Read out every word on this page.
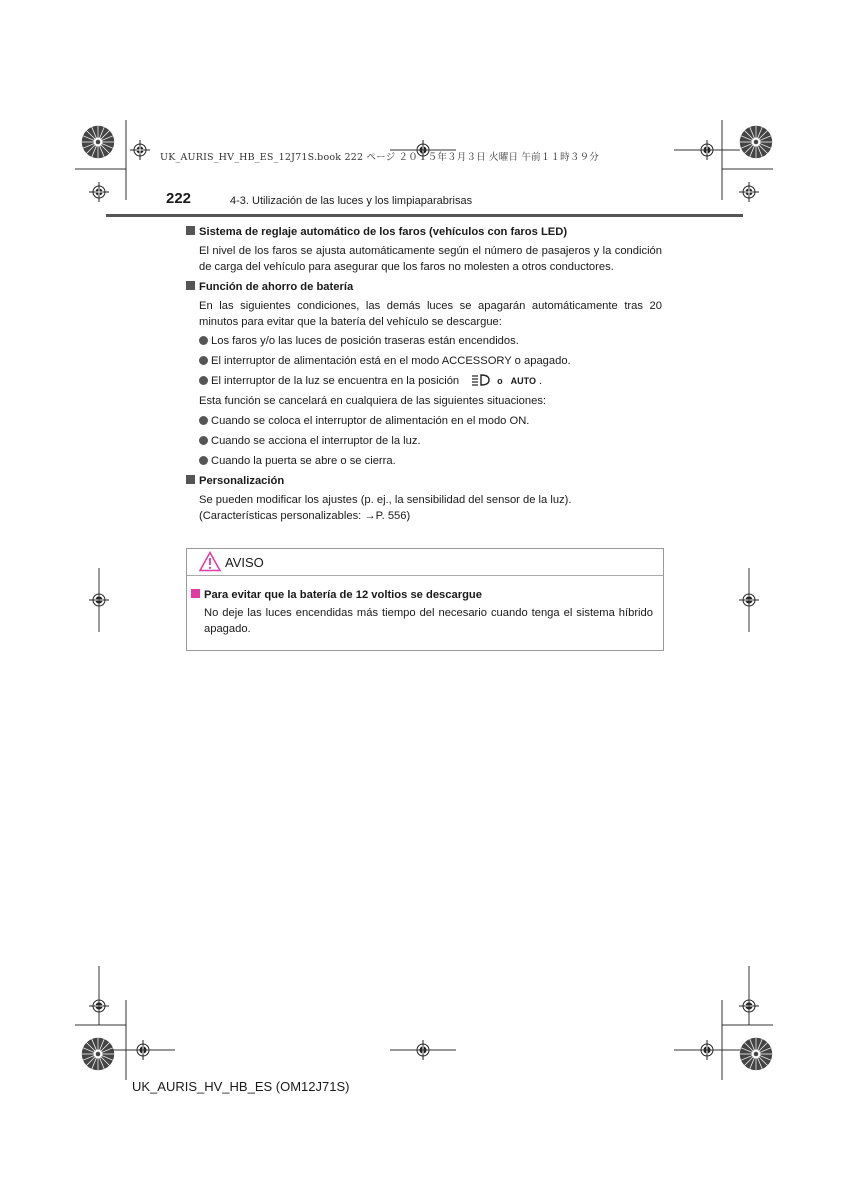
UK_AURIS_HV_HB_ES_12J71S.book 222 ページ ２０１５年３月３日 火曜日 午前１１時３９分
222	4-3. Utilización de las luces y los limpiaparabrisas

Sistema de reglaje automático de los faros (vehículos con faros LED)

El nivel de los faros se ajusta automáticamente según el número de pasajeros y la condición de carga del vehículo para asegurar que los faros no molesten a otros conductores.

Función de ahorro de batería

En las siguientes condiciones, las demás luces se apagarán automáticamente tras 20 minutos para evitar que la batería del vehículo se descargue:

Los faros y/o las luces de posición traseras están encendidos.

El interruptor de alimentación está en el modo ACCESSORY o apagado.

El interruptor de la luz se encuentra en la posición	o AUTO .

Esta función se cancelará en cualquiera de las siguientes situaciones:

Cuando se coloca el interruptor de alimentación en el modo ON.

Cuando se acciona el interruptor de la luz.

Cuando la puerta se abre o se cierra.

Personalización

Se pueden modificar los ajustes (p. ej., la sensibilidad del sensor de la luz).

(Características personalizables: →P. 556)

AVISO

Para evitar que la batería de 12 voltios se descargue

No deje las luces encendidas más tiempo del necesario cuando tenga el sistema híbrido apagado.

UK_AURIS_HV_HB_ES (OM12J71S)
